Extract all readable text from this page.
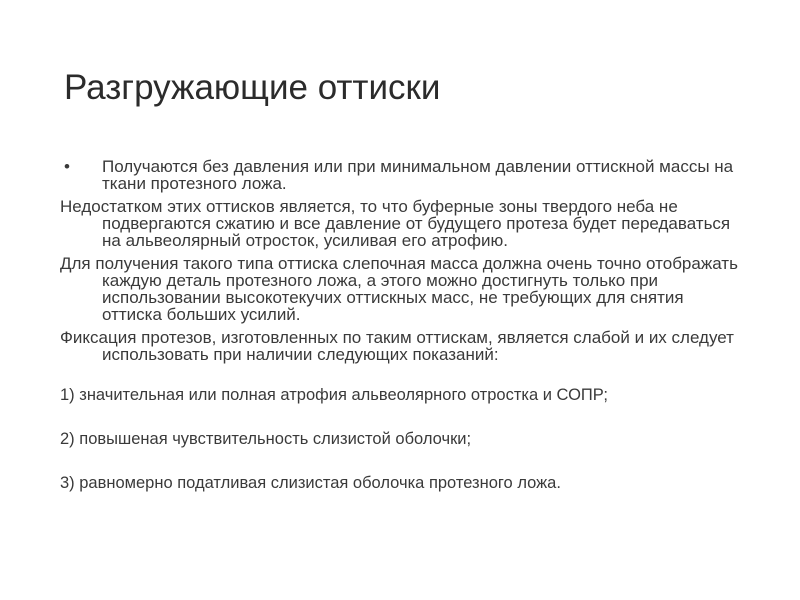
Разгружающие оттиски
• Получаются без давления или при минимальном давлении оттискной массы на ткани протезного ложа.
Недостатком этих оттисков является, то что буферные зоны твердого неба не подвергаются сжатию и все давление от будущего протеза будет передаваться на альвеолярный отросток, усиливая его атрофию.
Для получения такого типа оттиска слепочная масса должна очень точно отображать каждую деталь протезного ложа, а этого можно достигнуть только при использовании высокотекучих оттискных масс, не требующих для снятия оттиска больших усилий.
Фиксация протезов, изготовленных по таким оттискам, является слабой и их следует использовать при наличии следующих показаний:
1) значительная или полная атрофия альвеолярного отростка и СОПР;
2) повышеная чувствительность слизистой оболочки;
3) равномерно податливая слизистая оболочка протезного ложа.
